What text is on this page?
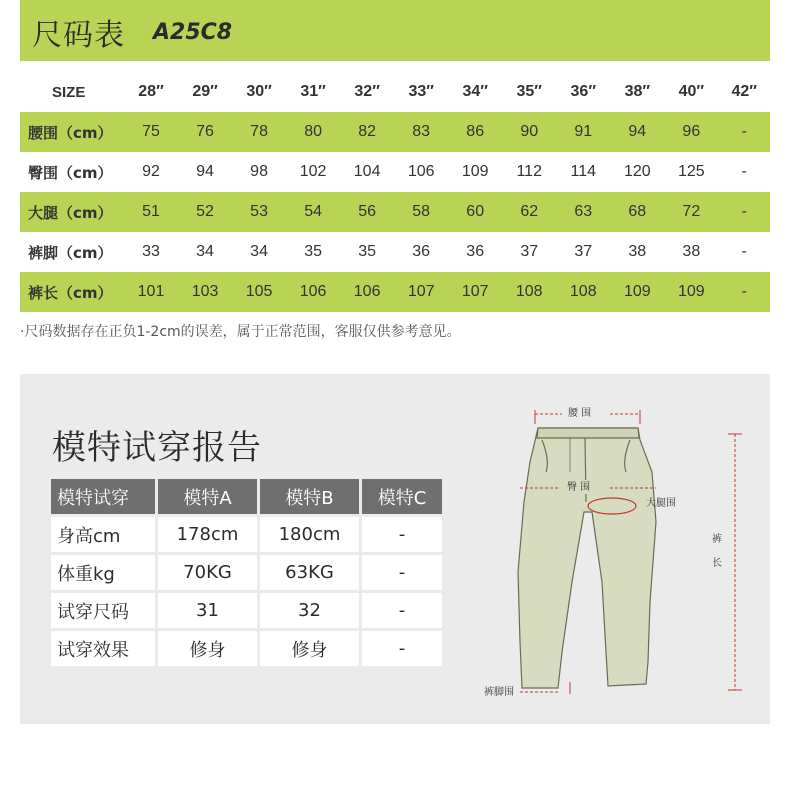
尺码表 A25C8
SIZE	28″	29″	30″	31″	32″	33″	34″	35″	36″	38″	40″	42″
腰围（cm）	75	76	78	80	82	83	86	90	91	94	96	-
臀围（cm）	92	94	98	102	104	106	109	112	114	120	125	-
大腿（cm）	51	52	53	54	56	58	60	62	63	68	72	-
裤脚（cm）	33	34	34	35	35	36	36	37	37	38	38	-
裤长（cm）	101	103	105	106	106	107	107	108	108	109	109	-
·尺码数据存在正负1-2cm的误差，属于正常范围，客服仅供参考意见。
模特试穿报告
模特试穿	模特A	模特B	模特C
身高cm	178cm	180cm	-
体重kg	70KG	63KG	-
试穿尺码	31	32	-
试穿效果	修身	修身	-
腰 围
臀 围
大腿围
裤
长
裤脚围
